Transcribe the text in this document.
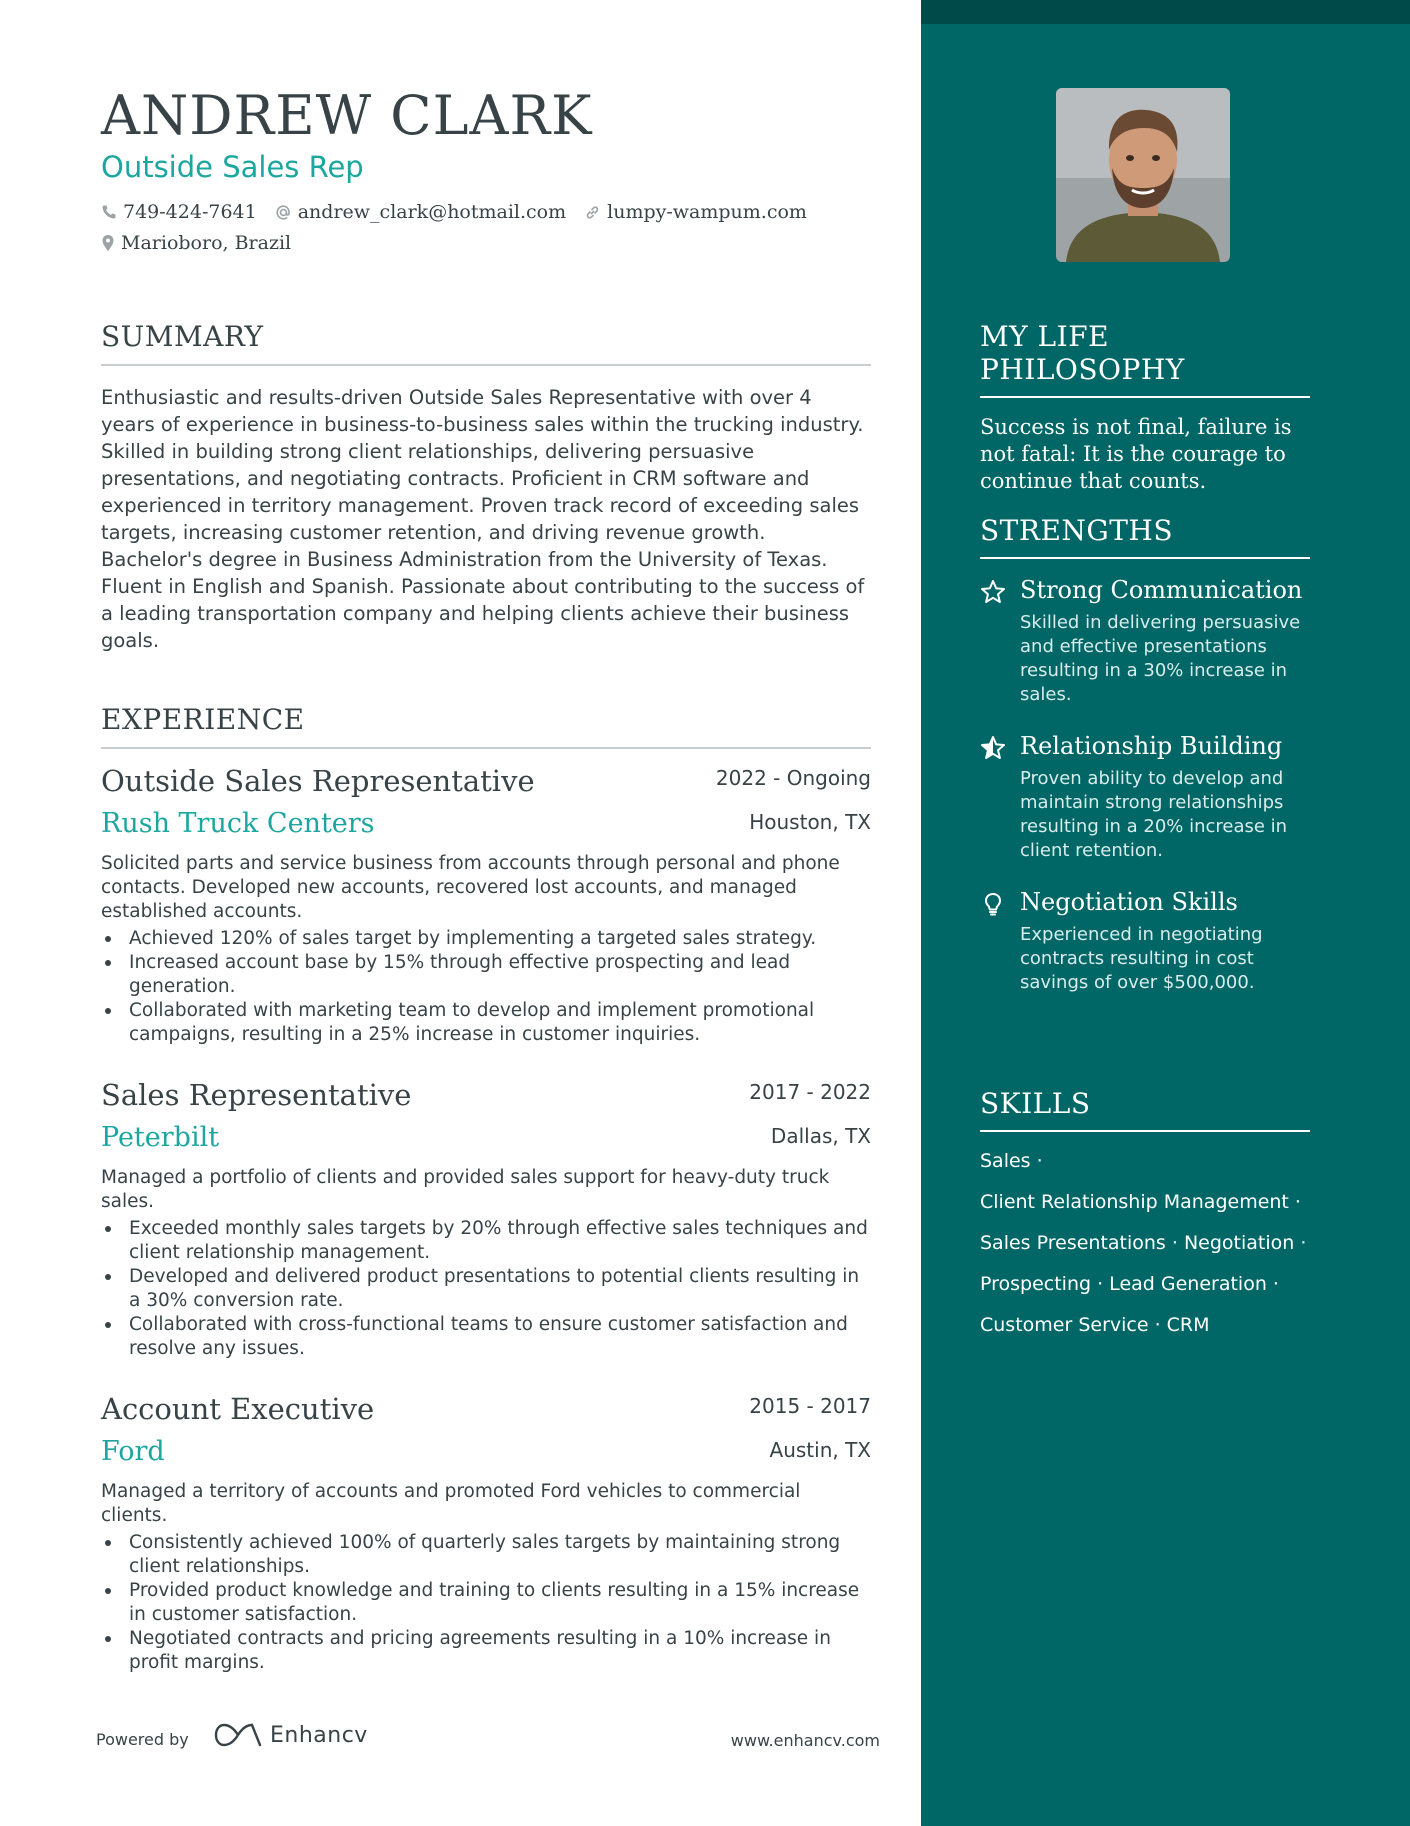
ANDREW CLARK
Outside Sales Rep
749-424-7641 andrew_clark@hotmail.com lumpy-wampum.com
Marioboro, Brazil
SUMMARY
Enthusiastic and results-driven Outside Sales Representative with over 4 years of experience in business-to-business sales within the trucking industry. Skilled in building strong client relationships, delivering persuasive presentations, and negotiating contracts. Proficient in CRM software and experienced in territory management. Proven track record of exceeding sales targets, increasing customer retention, and driving revenue growth. Bachelor's degree in Business Administration from the University of Texas. Fluent in English and Spanish. Passionate about contributing to the success of a leading transportation company and helping clients achieve their business goals.
EXPERIENCE
Outside Sales Representative	2022 - Ongoing
Rush Truck Centers	Houston, TX
Solicited parts and service business from accounts through personal and phone contacts. Developed new accounts, recovered lost accounts, and managed established accounts.
Achieved 120% of sales target by implementing a targeted sales strategy.
Increased account base by 15% through effective prospecting and lead generation.
Collaborated with marketing team to develop and implement promotional campaigns, resulting in a 25% increase in customer inquiries.
Sales Representative	2017 - 2022
Peterbilt	Dallas, TX
Managed a portfolio of clients and provided sales support for heavy-duty truck sales.
Exceeded monthly sales targets by 20% through effective sales techniques and client relationship management.
Developed and delivered product presentations to potential clients resulting in a 30% conversion rate.
Collaborated with cross-functional teams to ensure customer satisfaction and resolve any issues.
Account Executive	2015 - 2017
Ford	Austin, TX
Managed a territory of accounts and promoted Ford vehicles to commercial clients.
Consistently achieved 100% of quarterly sales targets by maintaining strong client relationships.
Provided product knowledge and training to clients resulting in a 15% increase in customer satisfaction.
Negotiated contracts and pricing agreements resulting in a 10% increase in profit margins.
MY LIFE PHILOSOPHY
Success is not final, failure is not fatal: It is the courage to continue that counts.
STRENGTHS
Strong Communication
Skilled in delivering persuasive and effective presentations resulting in a 30% increase in sales.
Relationship Building
Proven ability to develop and maintain strong relationships resulting in a 20% increase in client retention.
Negotiation Skills
Experienced in negotiating contracts resulting in cost savings of over $500,000.
SKILLS
Sales ·
Client Relationship Management ·
Sales Presentations · Negotiation ·
Prospecting · Lead Generation ·
Customer Service · CRM
Powered by	Enhancv	www.enhancv.com
